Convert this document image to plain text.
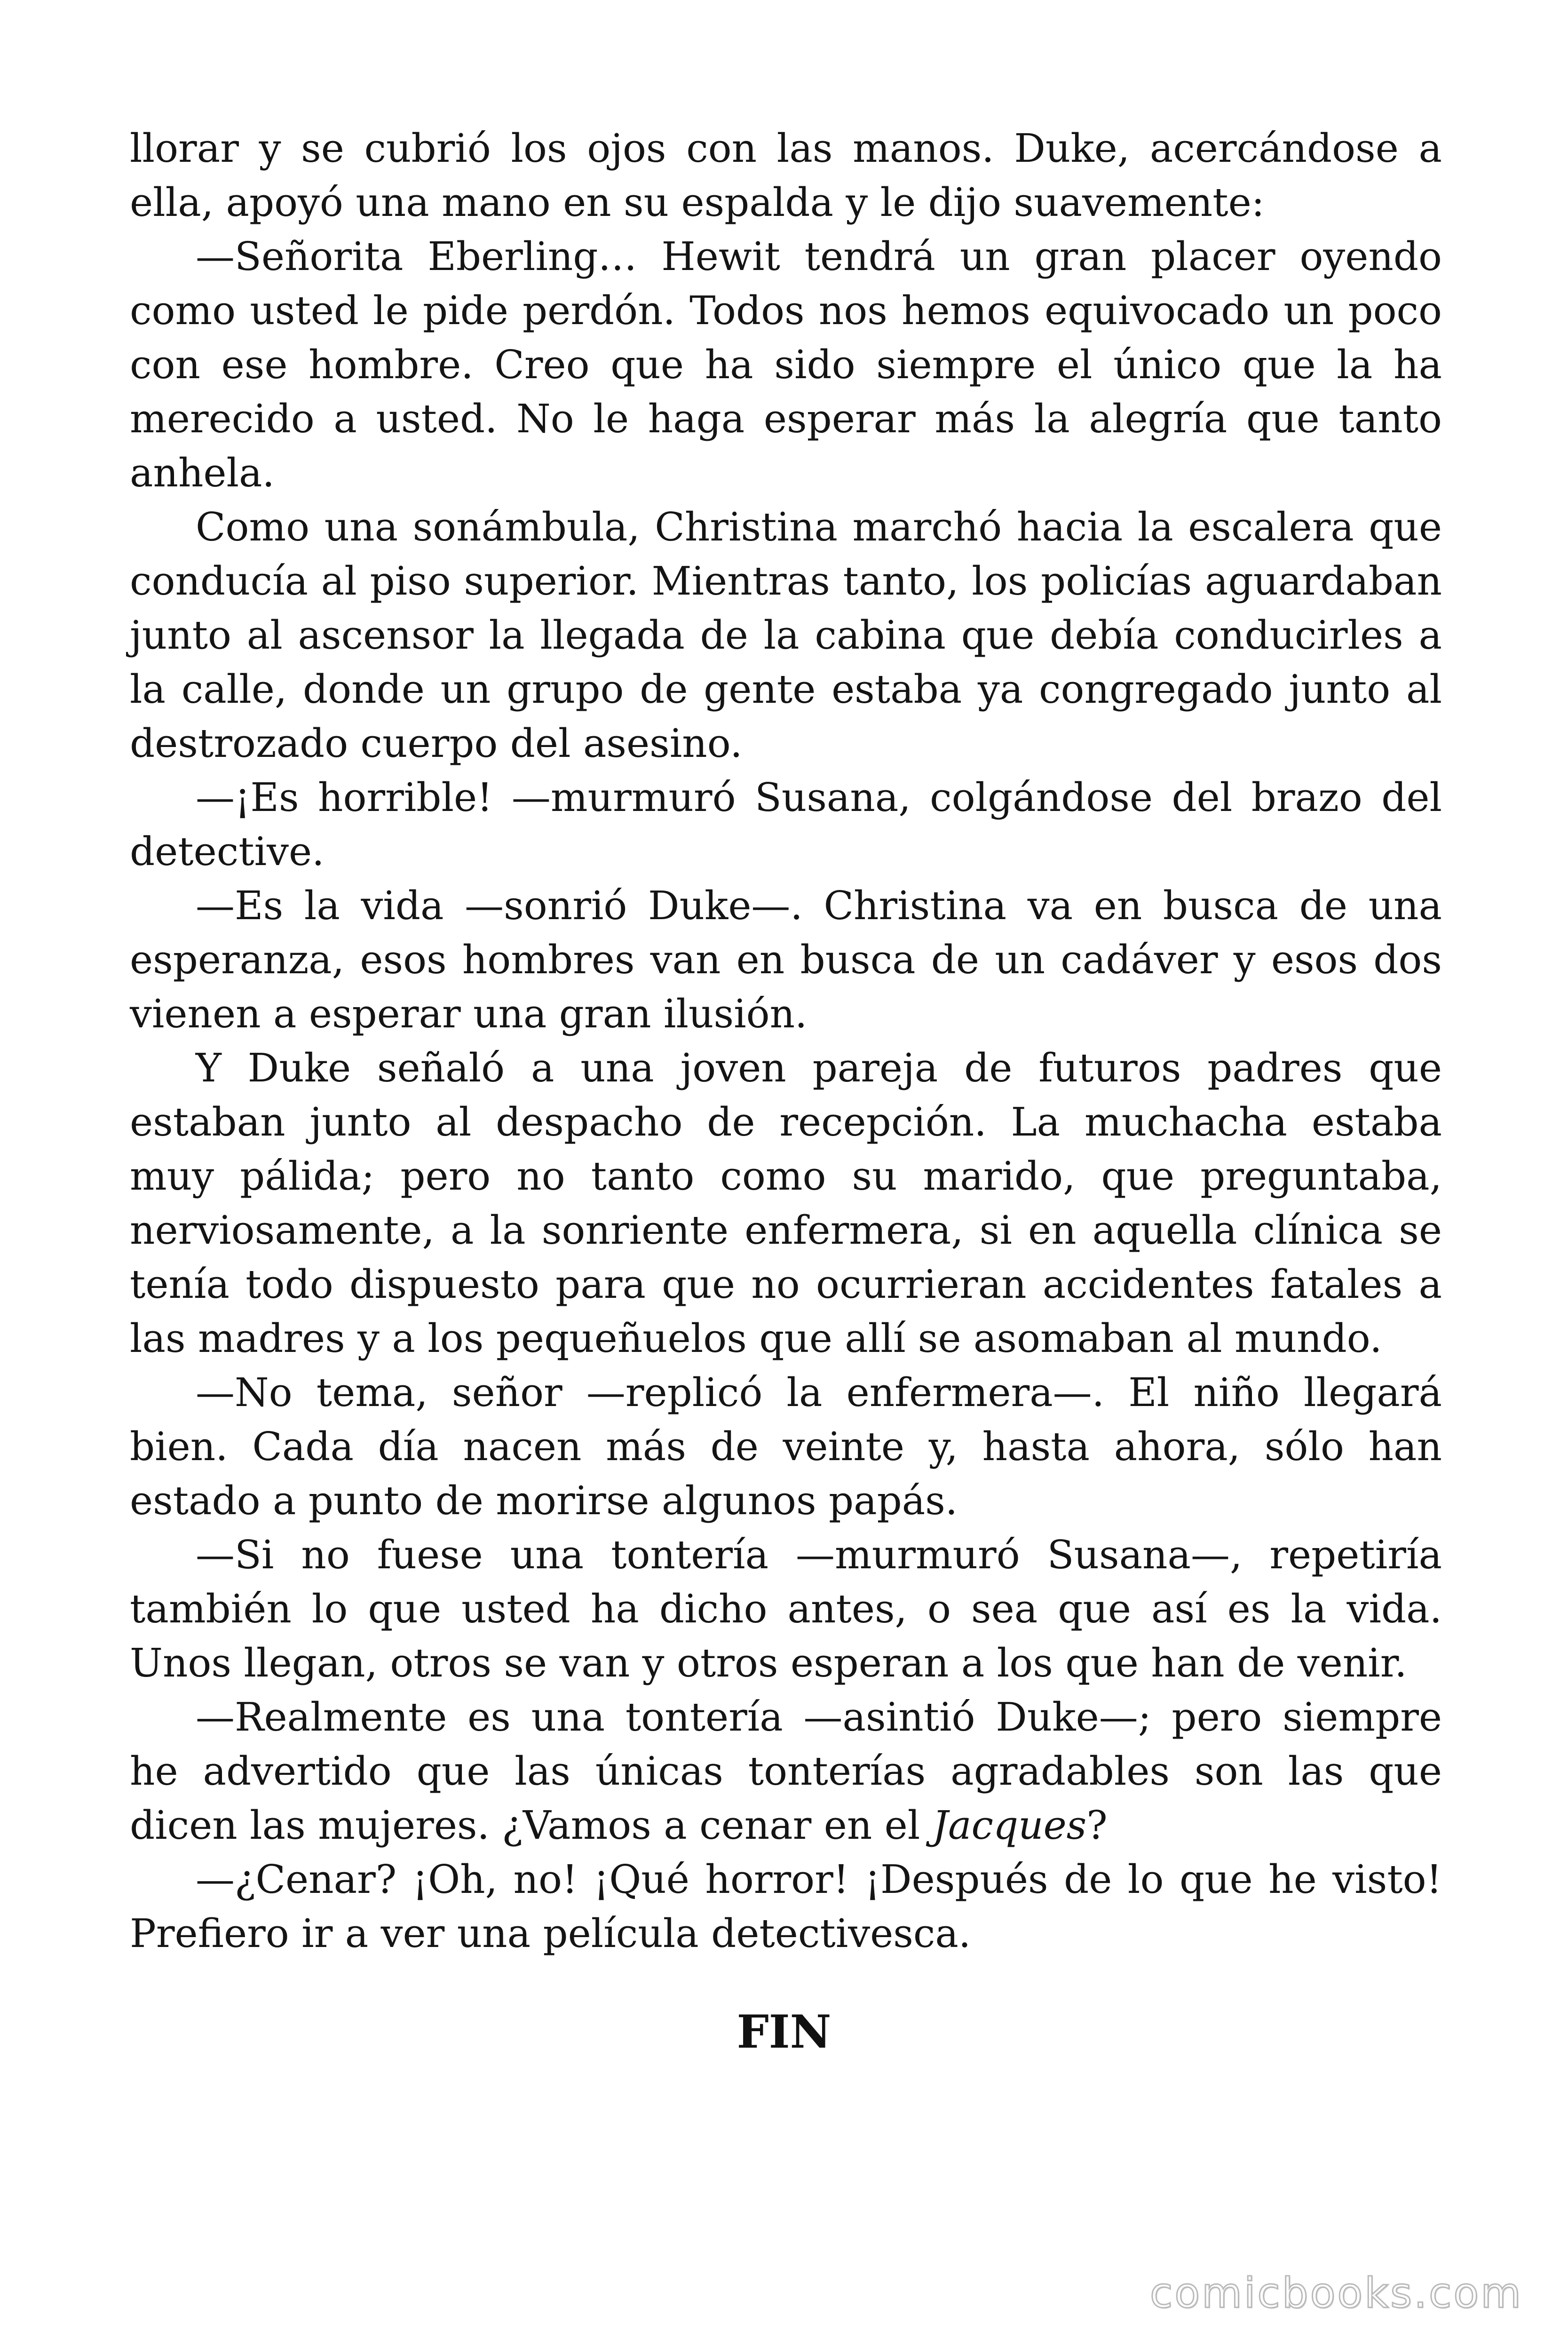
llorar y se cubrió los ojos con las manos. Duke, acercándose a ella, apoyó una mano en su espalda y le dijo suavemente:

—Señorita Eberling… Hewit tendrá un gran placer oyendo como usted le pide perdón. Todos nos hemos equivocado un poco con ese hombre. Creo que ha sido siempre el único que la ha merecido a usted. No le haga esperar más la alegría que tanto anhela.

Como una sonámbula, Christina marchó hacia la escalera que conducía al piso superior. Mientras tanto, los policías aguardaban junto al ascensor la llegada de la cabina que debía conducirles a la calle, donde un grupo de gente estaba ya congregado junto al destrozado cuerpo del asesino.

—¡Es horrible! —murmuró Susana, colgándose del brazo del detective.

—Es la vida —sonrió Duke—. Christina va en busca de una esperanza, esos hombres van en busca de un cadáver y esos dos vienen a esperar una gran ilusión.

Y Duke señaló a una joven pareja de futuros padres que estaban junto al despacho de recepción. La muchacha estaba muy pálida; pero no tanto como su marido, que preguntaba, nerviosamente, a la sonriente enfermera, si en aquella clínica se tenía todo dispuesto para que no ocurrieran accidentes fatales a las madres y a los pequeñuelos que allí se asomaban al mundo.

—No tema, señor —replicó la enfermera—. El niño llegará bien. Cada día nacen más de veinte y, hasta ahora, sólo han estado a punto de morirse algunos papás.

—Si no fuese una tontería —murmuró Susana—, repetiría también lo que usted ha dicho antes, o sea que así es la vida. Unos llegan, otros se van y otros esperan a los que han de venir.

—Realmente es una tontería —asintió Duke—; pero siempre he advertido que las únicas tonterías agradables son las que dicen las mujeres. ¿Vamos a cenar en el Jacques?

—¿Cenar? ¡Oh, no! ¡Qué horror! ¡Después de lo que he visto! Prefiero ir a ver una película detectivesca.

FIN
comicbooks.com
